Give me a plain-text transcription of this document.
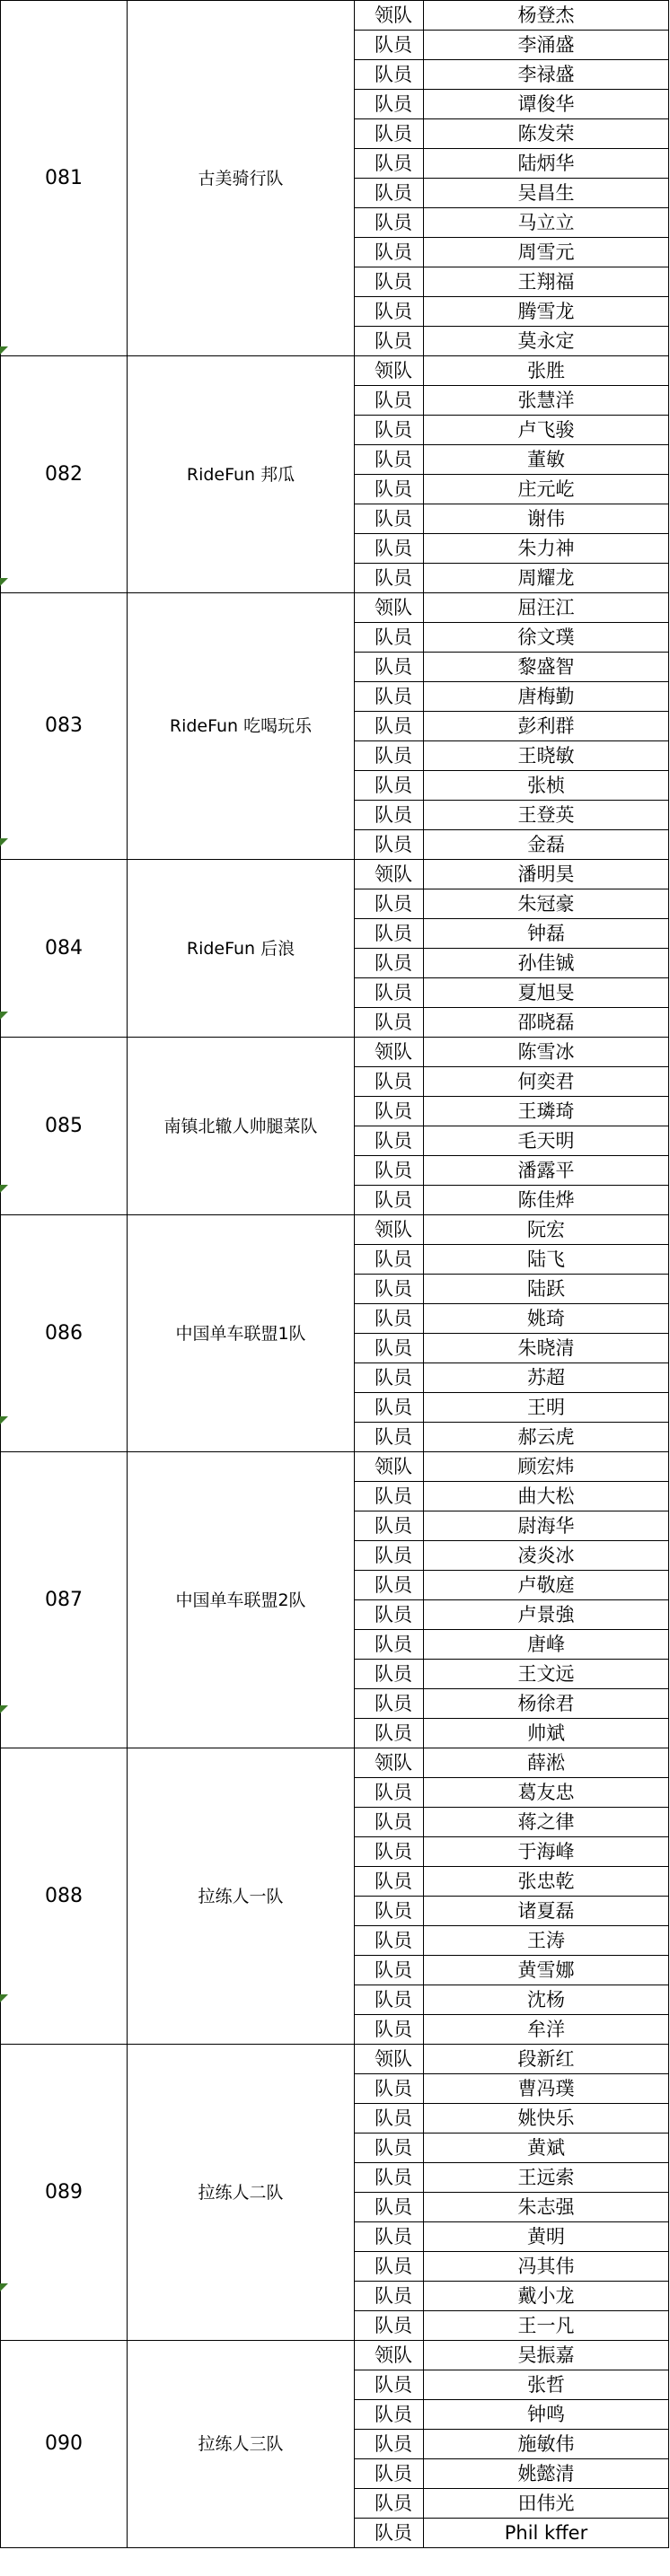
081	古美骑行队	领队	杨登杰
		队员	李涌盛
		队员	李禄盛
		队员	谭俊华
		队员	陈发荣
		队员	陆炳华
		队员	吴昌生
		队员	马立立
		队员	周雪元
		队员	王翔福
		队员	腾雪龙
		队员	莫永定
082	RideFun 邦瓜	领队	张胜
		队员	张慧洋
		队员	卢飞骏
		队员	董敏
		队员	庄元屹
		队员	谢伟
		队员	朱力神
		队员	周耀龙
083	RideFun 吃喝玩乐	领队	屈汪江
		队员	徐文璞
		队员	黎盛智
		队员	唐梅勤
		队员	彭利群
		队员	王晓敏
		队员	张桢
		队员	王登英
		队员	金磊
084	RideFun 后浪	领队	潘明昊
		队员	朱冠豪
		队员	钟磊
		队员	孙佳铖
		队员	夏旭旻
		队员	邵晓磊
085	南镇北辙人帅腿菜队	领队	陈雪冰
		队员	何奕君
		队员	王璘琦
		队员	毛天明
		队员	潘露平
		队员	陈佳烨
086	中国单车联盟1队	领队	阮宏
		队员	陆飞
		队员	陆跃
		队员	姚琦
		队员	朱晓清
		队员	苏超
		队员	王明
		队员	郝云虎
087	中国单车联盟2队	领队	顾宏炜
		队员	曲大松
		队员	尉海华
		队员	凌炎冰
		队员	卢敬庭
		队员	卢景強
		队员	唐峰
		队员	王文远
		队员	杨徐君
		队员	帅斌
088	拉练人一队	领队	薛淞
		队员	葛友忠
		队员	蒋之律
		队员	于海峰
		队员	张忠乾
		队员	诸夏磊
		队员	王涛
		队员	黄雪娜
		队员	沈杨
		队员	牟洋
089	拉练人二队	领队	段新红
		队员	曹冯璞
		队员	姚快乐
		队员	黄斌
		队员	王远索
		队员	朱志强
		队员	黄明
		队员	冯其伟
		队员	戴小龙
		队员	王一凡
090	拉练人三队	领队	吴振嘉
		队员	张哲
		队员	钟鸣
		队员	施敏伟
		队员	姚懿清
		队员	田伟光
		队员	Phil kffer
